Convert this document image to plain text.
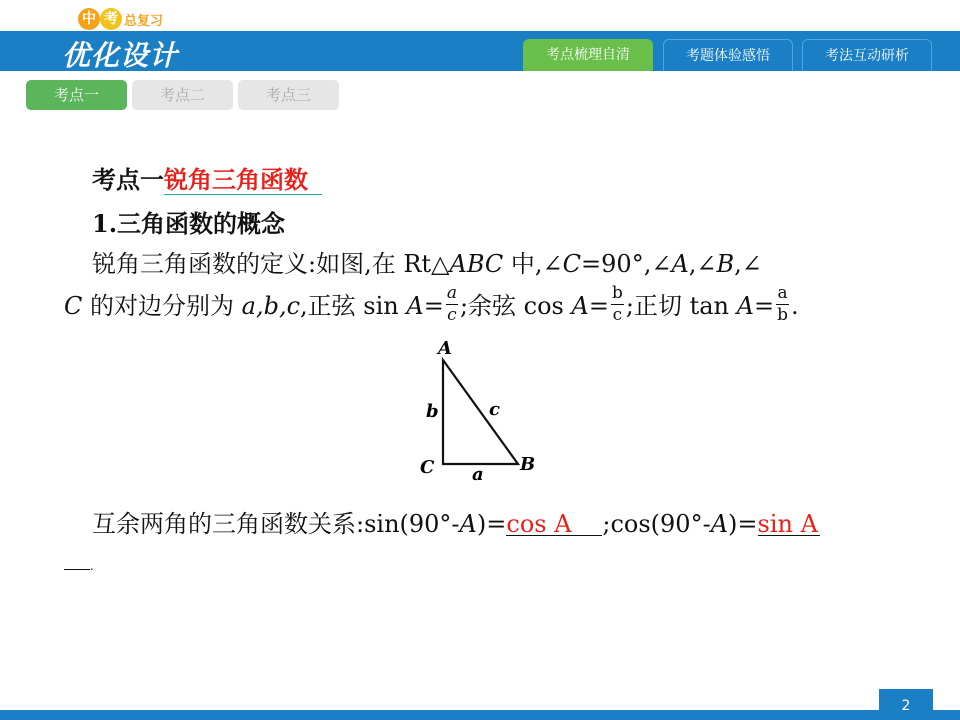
中 考 总复习
优化设计	考点梳理自清	考题体验感悟	考法互动研析
考点一	考点二	考点三
考点一锐角三角函数
1.三角函数的概念
锐角三角函数的定义:如图,在 Rt△ABC 中,∠C=90°,∠A,∠B,∠
C 的对边分别为 a,b,c,正弦 $\sin A= \frac{a}{c}$ ;余弦 $\cos A= \frac{b}{c}$ ;正切 $\tan A= \frac{a}{b}$ .
A
B
C a
b	c
互余两角的三角函数关系:sin(90°-A)=cos A ;cos(90°-A)=sin A
.
2
